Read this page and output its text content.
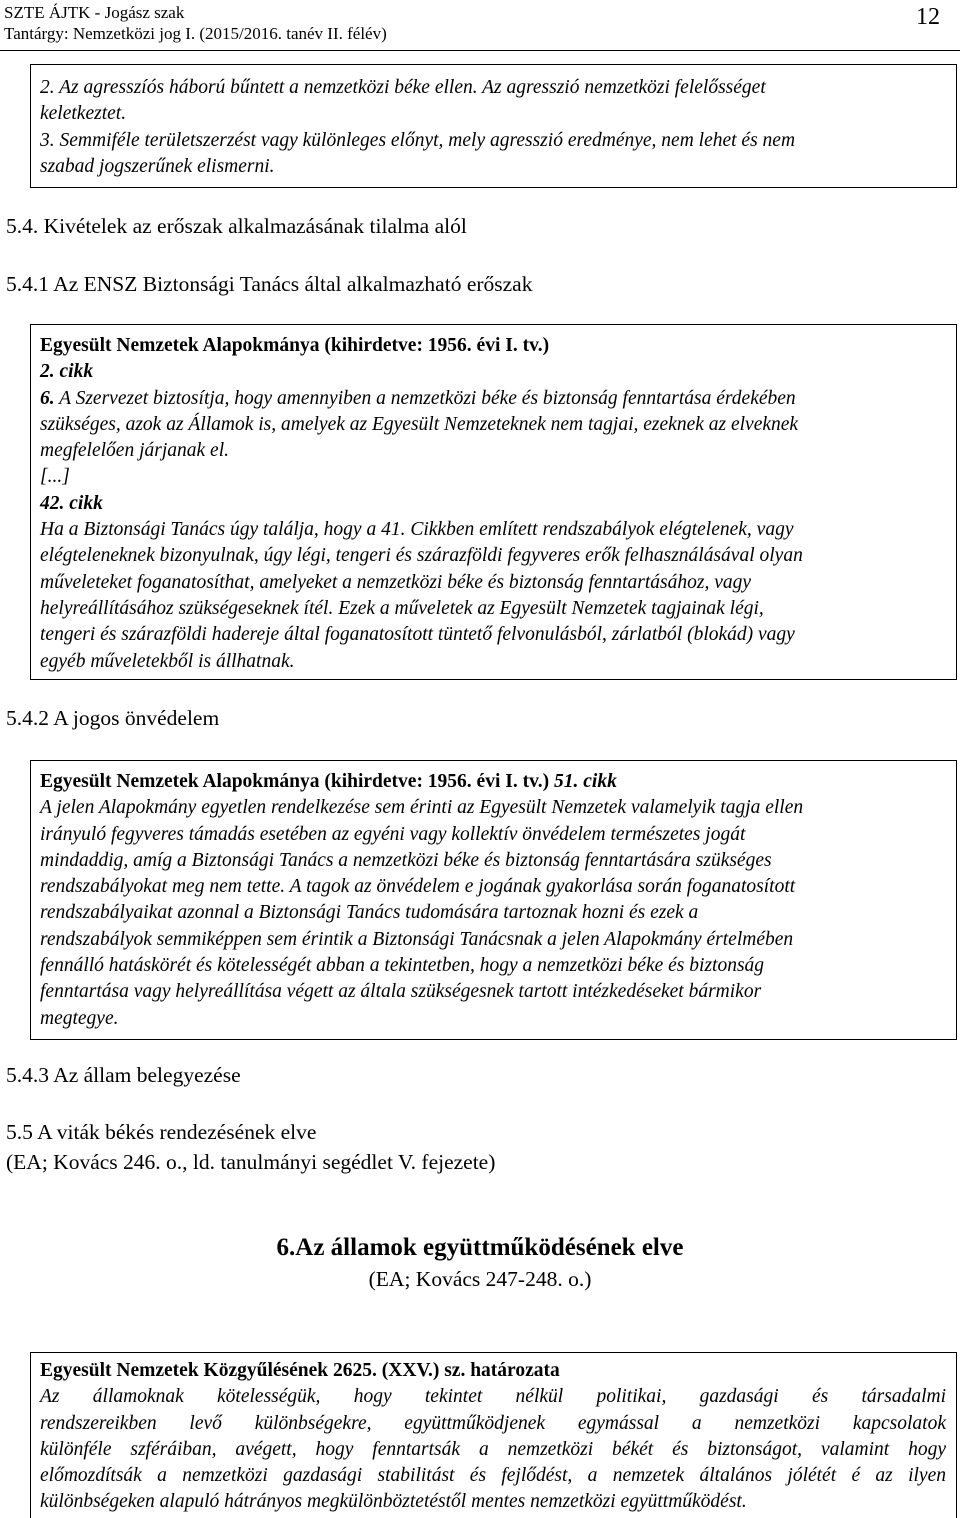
SZTE ÁJTK - Jogász szak
Tantárgy: Nemzetközi jog I. (2015/2016. tanév II. félév)
12
2. Az agresszíós háború bűntett a nemzetközi béke ellen. Az agresszió nemzetközi felelősséget
keletkeztet.
3. Semmiféle területszerzést vagy különleges előnyt, mely agresszió eredménye, nem lehet és nem
szabad jogszerűnek elismerni.
5.4. Kivételek az erőszak alkalmazásának tilalma alól
5.4.1 Az ENSZ Biztonsági Tanács által alkalmazható erőszak
Egyesült Nemzetek Alapokmánya (kihirdetve: 1956. évi I. tv.)
2. cikk
6. A Szervezet biztosítja, hogy amennyiben a nemzetközi béke és biztonság fenntartása érdekében
szükséges, azok az Államok is, amelyek az Egyesült Nemzeteknek nem tagjai, ezeknek az elveknek
megfelelően járjanak el.
[...]
42. cikk
Ha a Biztonsági Tanács úgy találja, hogy a 41. Cikkben említett rendszabályok elégtelenek, vagy
elégteleneknek bizonyulnak, úgy légi, tengeri és szárazföldi fegyveres erők felhasználásával olyan
műveleteket foganatosíthat, amelyeket a nemzetközi béke és biztonság fenntartásához, vagy
helyreállításához szükségeseknek ítél. Ezek a műveletek az Egyesült Nemzetek tagjainak légi,
tengeri és szárazföldi hadereje által foganatosított tüntető felvonulásból, zárlatból (blokád) vagy
egyéb műveletekből is állhatnak.
5.4.2 A jogos önvédelem
Egyesült Nemzetek Alapokmánya (kihirdetve: 1956. évi I. tv.) 51. cikk
A jelen Alapokmány egyetlen rendelkezése sem érinti az Egyesült Nemzetek valamelyik tagja ellen
irányuló fegyveres támadás esetében az egyéni vagy kollektív önvédelem természetes jogát
mindaddig, amíg a Biztonsági Tanács a nemzetközi béke és biztonság fenntartására szükséges
rendszabályokat meg nem tette. A tagok az önvédelem e jogának gyakorlása során foganatosított
rendszabályaikat azonnal a Biztonsági Tanács tudomására tartoznak hozni és ezek a
rendszabályok semmiképpen sem érintik a Biztonsági Tanácsnak a jelen Alapokmány értelmében
fennálló hatáskörét és kötelességét abban a tekintetben, hogy a nemzetközi béke és biztonság
fenntartása vagy helyreállítása végett az általa szükségesnek tartott intézkedéseket bármikor
megtegye.
5.4.3 Az állam belegyezése
5.5 A viták békés rendezésének elve
(EA; Kovács 246. o., ld. tanulmányi segédlet V. fejezete)
6.Az államok együttműködésének elve
(EA; Kovács 247-248. o.)
Egyesült Nemzetek Közgyűlésének 2625. (XXV.) sz. határozata
Az államoknak kötelességük, hogy tekintet nélkül politikai, gazdasági és társadalmi
rendszereikben levő különbségekre, együttműködjenek egymással a nemzetközi kapcsolatok
különféle szféráiban, avégett, hogy fenntartsák a nemzetközi békét és biztonságot, valamint hogy
előmozdítsák a nemzetközi gazdasági stabilitást és fejlődést, a nemzetek általános jólétét é az ilyen
különbségeken alapuló hátrányos megkülönböztetéstől mentes nemzetközi együttműködést.
